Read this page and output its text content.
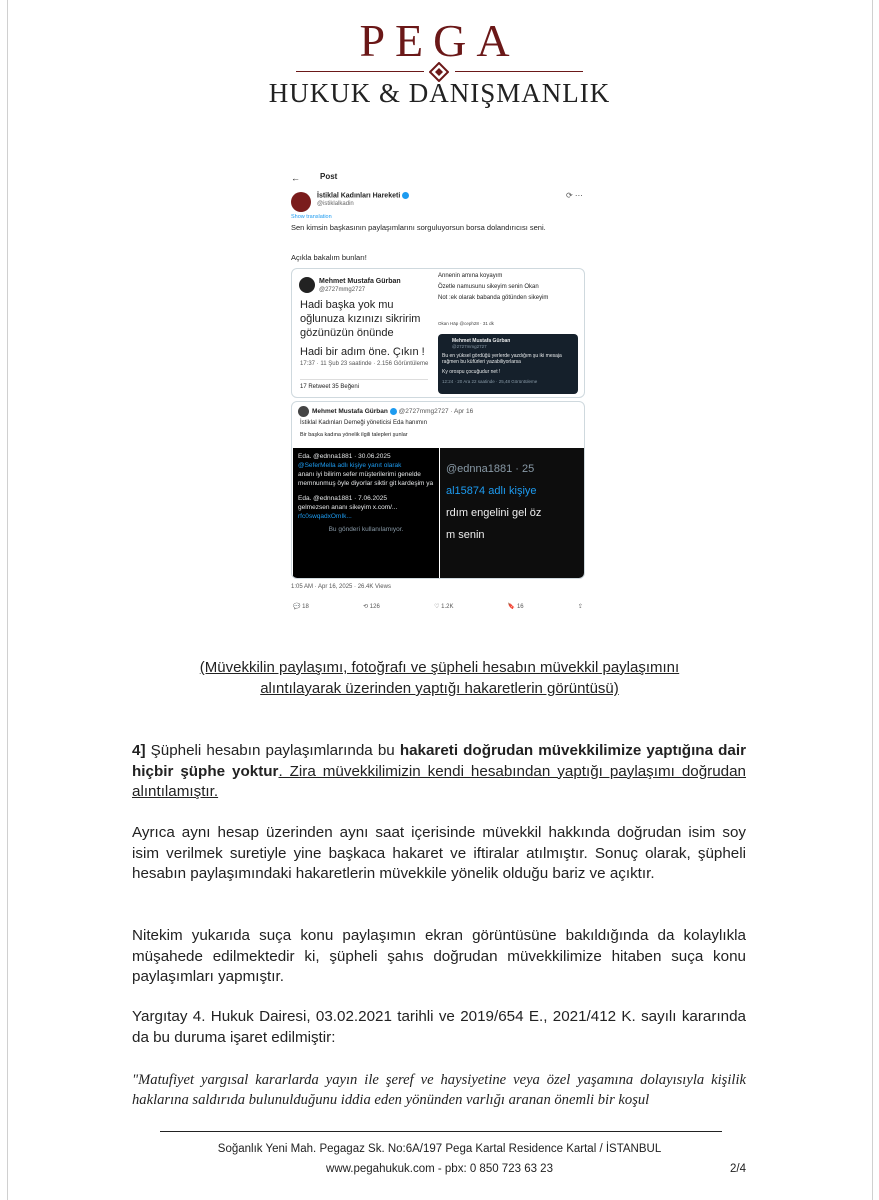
PEGA
HUKUK & DANIŞMANLIK
←	Post
İstiklal Kadınları Hareketi
@istiklalkadin
⟳ ⋯
Show translation
Sen kimsin başkasının paylaşımlarını sorguluyorsun borsa dolandırıcısı seni.
Açıkla bakalım bunları!
Mehmet Mustafa Gürban
@2727mmg2727
Hadi başka yok mu oğlunuza kızınızı sikririm gözünüzün önünde
Hadi bir adım öne. Çıkın !
17:37 · 11 Şub 23 saatinde · 2.156 Görüntüleme
17 Retweet 35 Beğeni

Annenin amına koyayım

Özetle namusunu sikeyim senin Okan

Not :ek olarak babanda götünden sikeyim

Okan Häp @ceph28 · 31 dk
Mehmet Mustafa Gürban
@2727mmg2727
Bu en yüksel gördüğü yerlerde yazdığım şu iki mesaja rağmen bu küfürleri yazabiliyorlarsa
Ky orospu çocuğudur net !
12:24 · 20 Ara 22 saatinde · 25,48 Görüntüleme
Mehmet Mustafa Gürban @2727mmg2727 · Apr 16
İstiklal Kadınları Derneği yöneticisi Eda hanımın
Bir başka kadına yönelik ilgili talepleri şunlar
Eda. @ednna1881 · 30.06.2025
@SeferMella adlı kişiye yanıt olarak
ananı iyi bilirim sefer müşterilerimi genelde memnunmuş öyle diyorlar siktir git kardeşim ya
Eda. @ednna1881 · 7.06.2025
gelmezsen ananı sikeyim x.com/...
rfc0swqadxOmIk...
Bu gönderi kullanılamıyor.
@ednna1881 · 25
al15874 adlı kişiye
rdım engelini gel öz
m senin
1:05 AM · Apr 16, 2025 · 26.4K Views
💬 18	⟲ 126	♡ 1.2K	🔖 16	⇪
(Müvekkilin paylaşımı, fotoğrafı ve şüpheli hesabın müvekkil paylaşımını
alıntılayarak üzerinden yaptığı hakaretlerin görüntüsü)
4] Şüpheli hesabın paylaşımlarında bu hakareti doğrudan müvekkilimize yaptığına dair hiçbir şüphe yoktur. Zira müvekkilimizin kendi hesabından yaptığı paylaşımı doğrudan alıntılamıştır.
Ayrıca aynı hesap üzerinden aynı saat içerisinde müvekkil hakkında doğrudan isim soy isim verilmek suretiyle yine başkaca hakaret ve iftiralar atılmıştır. Sonuç olarak, şüpheli hesabın paylaşımındaki hakaretlerin müvekkile yönelik olduğu bariz ve açıktır.
Nitekim yukarıda suça konu paylaşımın ekran görüntüsüne bakıldığında da kolaylıkla müşahede edilmektedir ki, şüpheli şahıs doğrudan müvekkilimize hitaben suça konu paylaşımları yapmıştır.
Yargıtay 4. Hukuk Dairesi, 03.02.2021 tarihli ve 2019/654 E., 2021/412 K. sayılı kararında da bu duruma işaret edilmiştir:
"Matufiyet yargısal kararlarda yayın ile şeref ve haysiyetine veya özel yaşamına dolayısıyla kişilik haklarına saldırıda bulunulduğunu iddia eden yönünden varlığı aranan önemli bir koşul
Soğanlık Yeni Mah. Pegagaz Sk. No:6A/197 Pega Kartal Residence Kartal / İSTANBUL
www.pegahukuk.com - pbx: 0 850 723 63 23	2/4
